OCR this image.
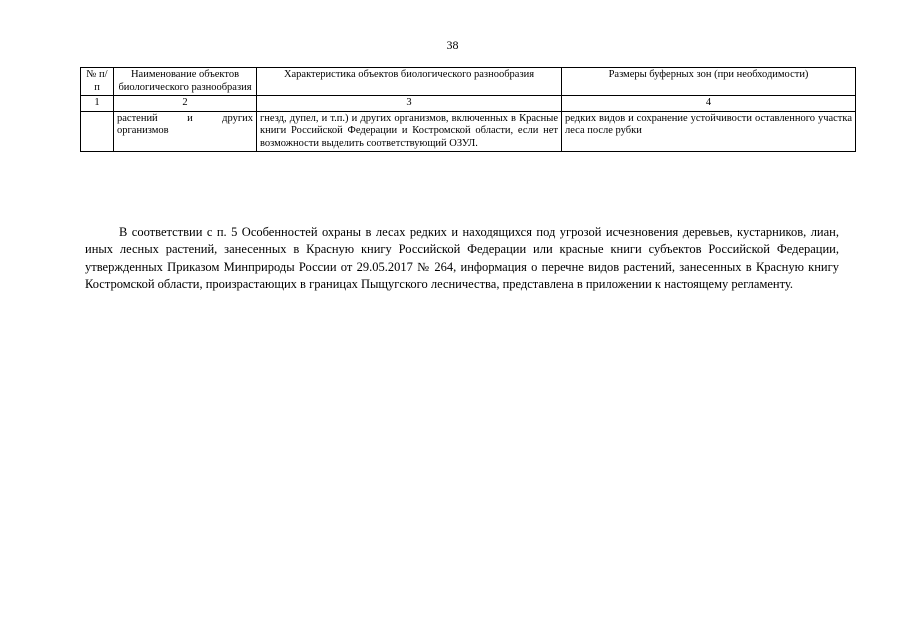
38
№ п/п	Наименование объектов биологического разнообразия	Характеристика объектов биологического разнообразия	Размеры буферных зон (при необходимости)
1	2	3	4
	растений и других организмов	гнезд, дупел, и т.п.) и других организмов, включенных в Красные книги Российской Федерации и Костромской области, если нет возможности выделить соответствующий ОЗУЛ.	редких видов и сохранение устойчивости оставленного участка леса после рубки

В соответствии с п. 5 Особенностей охраны в лесах редких и находящихся под угрозой исчезновения деревьев, кустарников, лиан, иных лесных растений, занесенных в Красную книгу Российской Федерации или красные книги субъектов Российской Федерации, утвержденных Приказом Минприроды России от 29.05.2017 № 264, информация о перечне видов растений, занесенных в Красную книгу Костромской области, произрастающих в границах Пыщугского лесничества, представлена в приложении к настоящему регламенту.
